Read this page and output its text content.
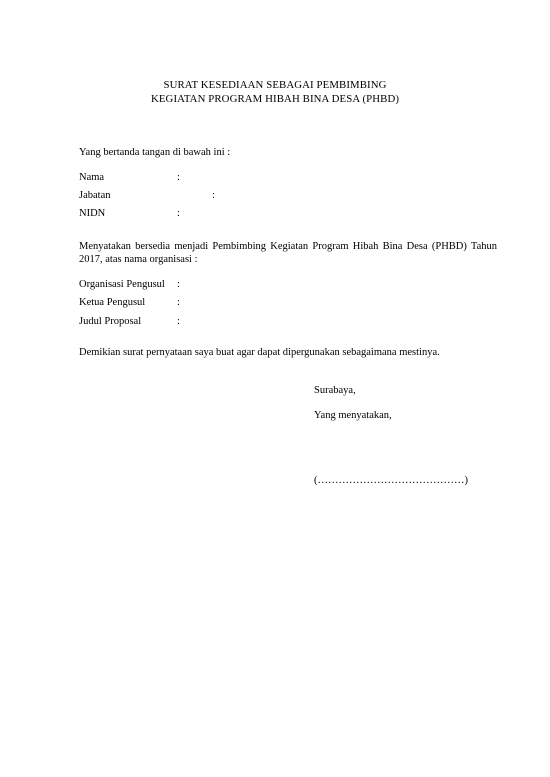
SURAT KESEDIAAN SEBAGAI PEMBIMBING
KEGIATAN PROGRAM HIBAH BINA DESA (PHBD)
Yang bertanda tangan di bawah ini :
Nama	:
Jabatan	:
NIDN	:
Menyatakan bersedia menjadi Pembimbing Kegiatan Program Hibah Bina Desa (PHBD) Tahun 2017, atas nama organisasi :
Organisasi Pengusul :
Ketua Pengusul	:
Judul Proposal	:
Demikian surat pernyataan saya buat agar dapat dipergunakan sebagaimana mestinya.
Surabaya,
Yang menyatakan,
(……………………………………)
